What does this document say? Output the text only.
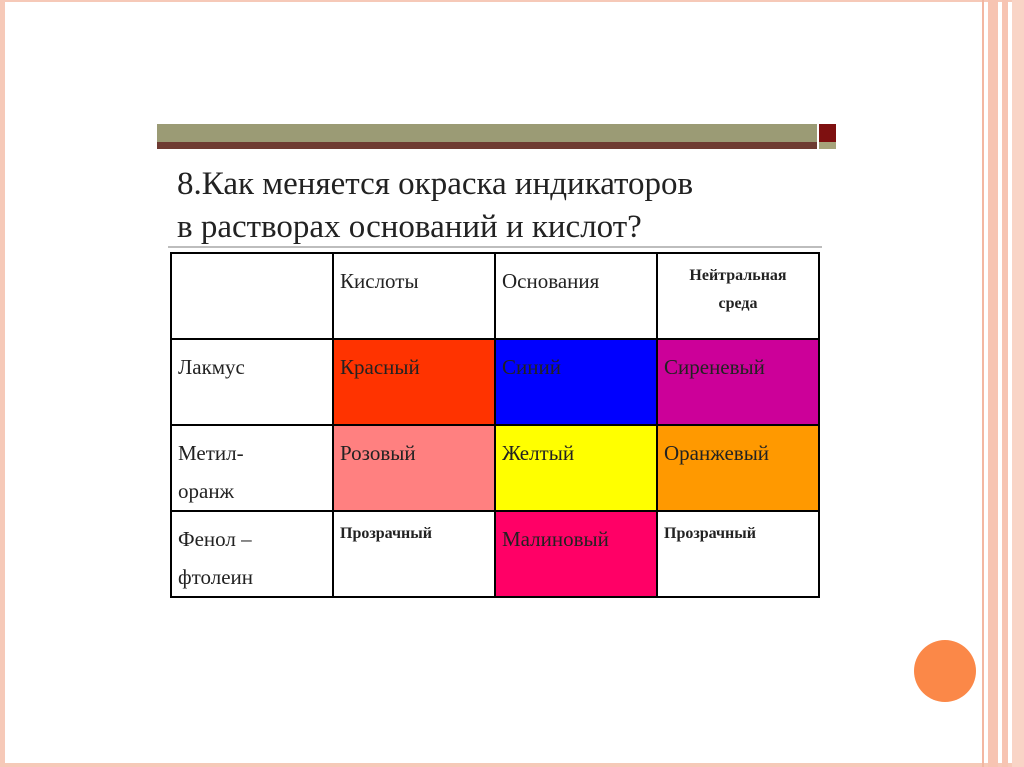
8.Как меняется окраска индикаторов
в растворах оснований и кислот?
	Кислоты	Основания	Нейтральная
среда
Лакмус	Красный	Синий	Сиреневый
Метил-
оранж	Розовый	Желтый	Оранжевый
Фенол –
фтолеин	Прозрачный	Малиновый	Прозрачный
